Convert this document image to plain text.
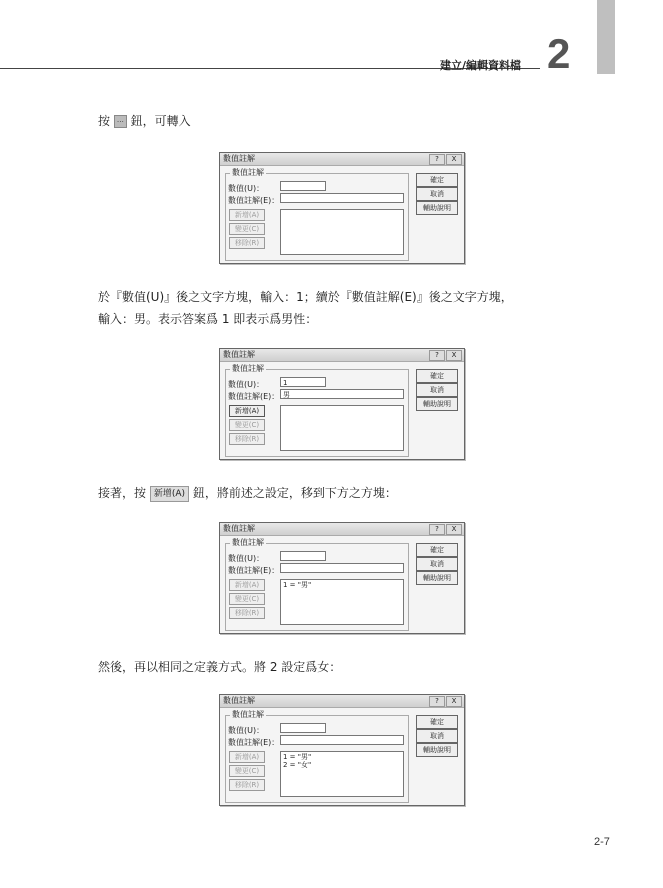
建立/編輯資料檔 2
按 … 鈕，可轉入
數值註解	?	X
數值註解
數值(U)：
數值註解(E)：
新增(A)
變更(C)
移除(R)
確定
取消
輔助說明
於『數值(U)』後之文字方塊，輸入：1；續於『數值註解(E)』後之文字方塊，
輸入：男。表示答案爲 1 即表示爲男性：
數值註解	?	X
數值註解
數值(U)：	1
數值註解(E)： 男
新增(A)
變更(C)
移除(R)
確定
取消
輔助說明
接著，按 新增(A) 鈕，將前述之設定，移到下方之方塊：
數值註解	?	X
數值註解
數值(U)：
數值註解(E)：
新增(A)
變更(C)
移除(R)
1 = "男"
確定
取消
輔助說明
然後，再以相同之定義方式。將 2 設定爲女：
數值註解	?	X
數值註解
數值(U)：
數值註解(E)：
新增(A)
變更(C)
移除(R)
1 = "男"
2 = "女"
確定
取消
輔助說明
2-7
